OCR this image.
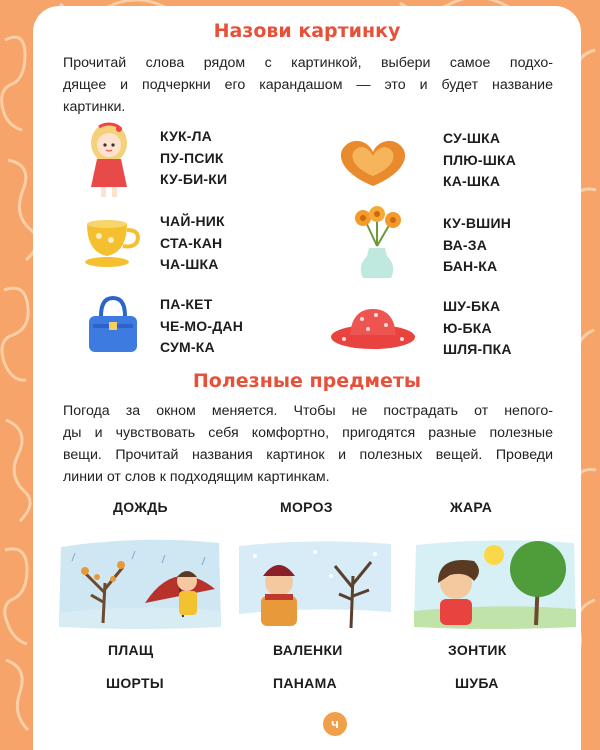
Назови картинку
Прочитай слова рядом с картинкой, выбери самое подхо-
дящее и подчеркни его карандашом — это и будет название
картинки.
КУК-ЛА
ПУ-ПСИК
КУ-БИ-КИ
СУ-ШКА
ПЛЮ-ШКА
КА-ШКА
ЧАЙ-НИК
СТА-КАН
ЧА-ШКА
КУ-ВШИН
ВА-ЗА
БАН-КА
ПА-КЕТ
ЧЕ-МО-ДАН
СУМ-КА
ШУ-БКА
Ю-БКА
ШЛЯ-ПКА
Полезные предметы
Погода за окном меняется. Чтобы не пострадать от непого-
ды и чувствовать себя комфортно, пригодятся разные полезные
вещи. Прочитай названия картинок и полезных вещей. Проведи
линии от слов к подходящим картинкам.
ДОЖДЬ	МОРОЗ	ЖАРА
ПЛАЩ	ВАЛЕНКИ	ЗОНТИК
ШОРТЫ	ПАНАМА	ШУБА
ч
